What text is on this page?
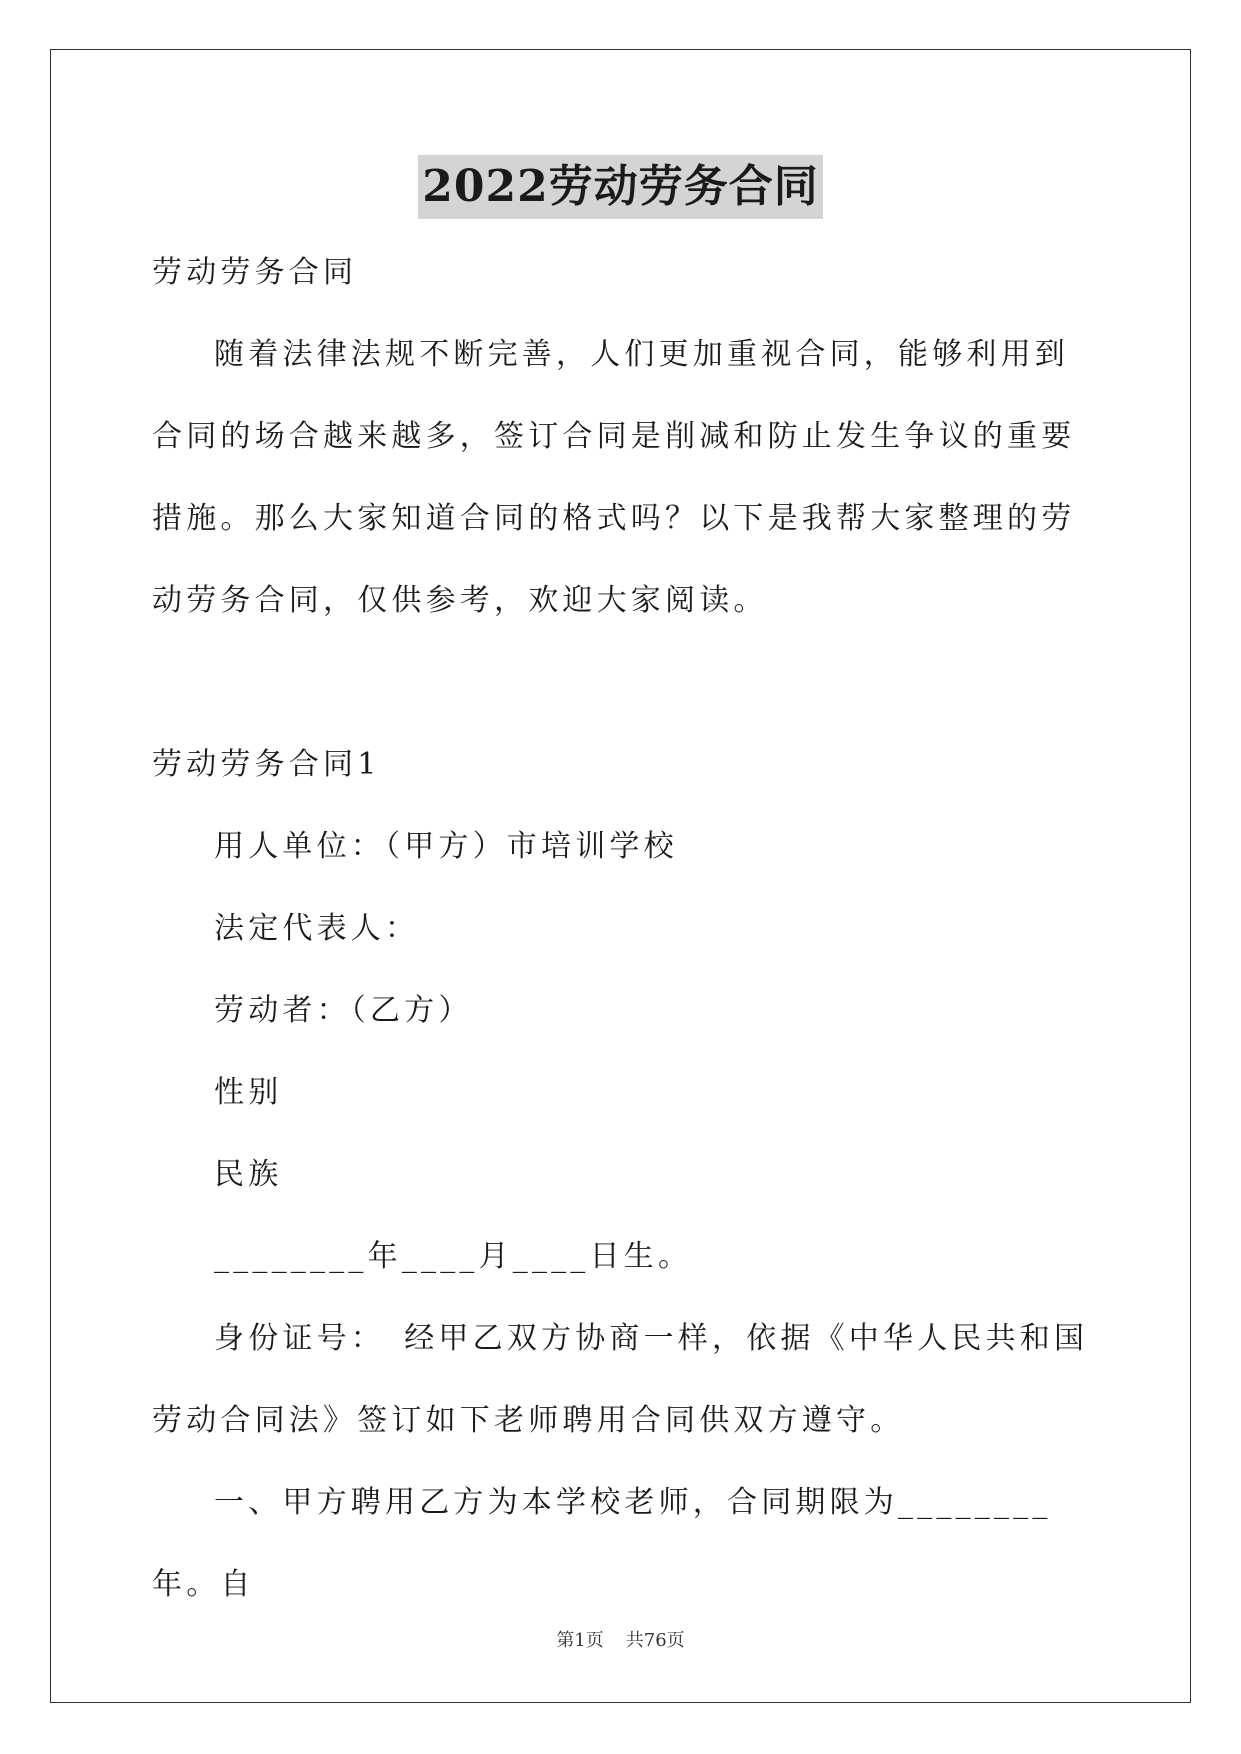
2022劳动劳务合同

劳动劳务合同

随着法律法规不断完善，人们更加重视合同，能够利用到合同的场合越来越多，签订合同是削减和防止发生争议的重要措施。那么大家知道合同的格式吗？以下是我帮大家整理的劳动劳务合同，仅供参考，欢迎大家阅读。

劳动劳务合同1

用人单位：（甲方）市培训学校

法定代表人：

劳动者：（乙方）

性别

民族

________年____月____日生。

身份证号：　经甲乙双方协商一样，依据《中华人民共和国劳动合同法》签订如下老师聘用合同供双方遵守。

一、甲方聘用乙方为本学校老师，合同期限为________年。自

第1页 共76页
